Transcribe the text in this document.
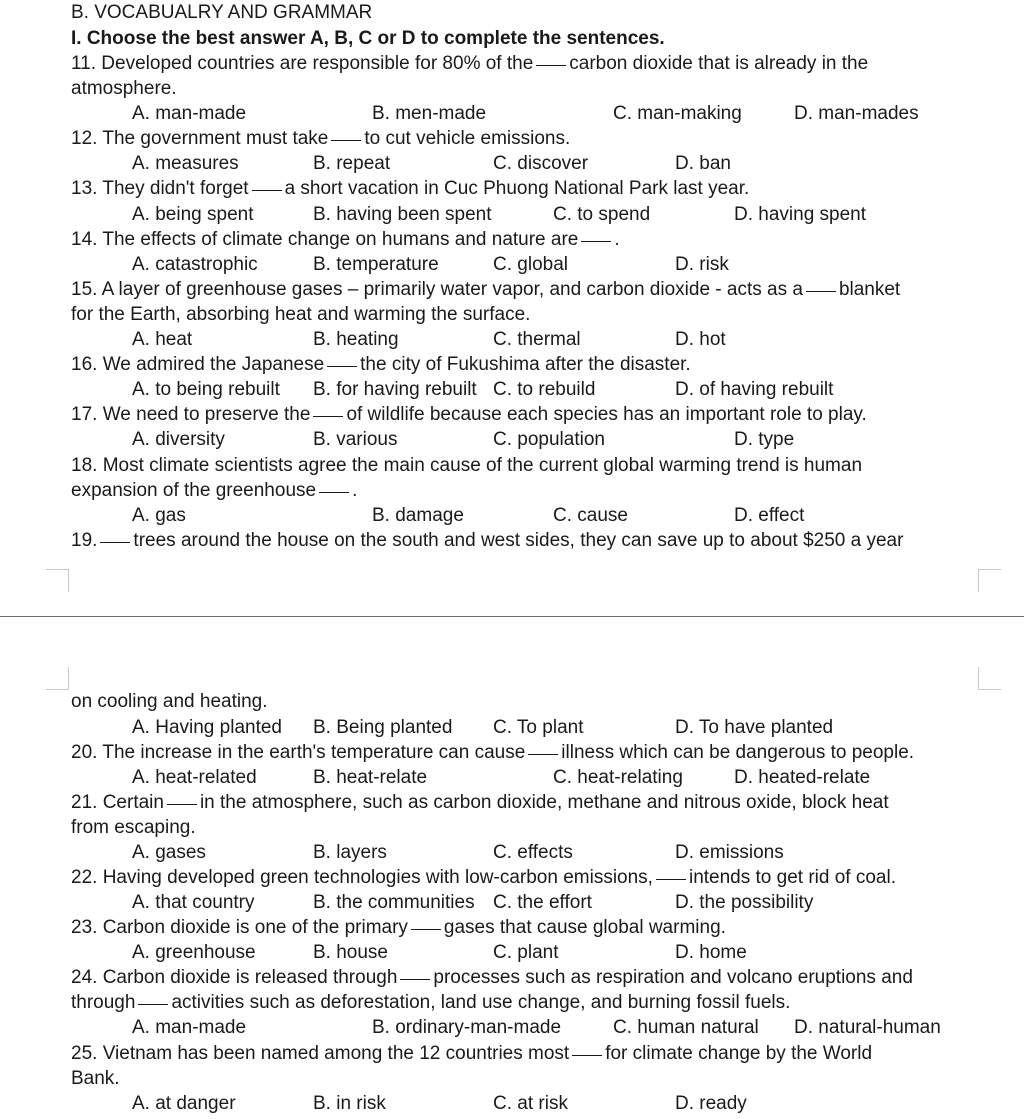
B. VOCABUALRY AND GRAMMAR
I. Choose the best answer A, B, C or D to complete the sentences.
11. Developed countries are responsible for 80% of the carbon dioxide that is already in the
atmosphere.
A. man-made	B. men-made	C. man-making	D. man-mades
12. The government must take to cut vehicle emissions.
A. measures	B. repeat	C. discover	D. ban
13. They didn't forget a short vacation in Cuc Phuong National Park last year.
A. being spent	B. having been spent	C. to spend	D. having spent
14. The effects of climate change on humans and nature are .
A. catastrophic	B. temperature	C. global	D. risk
15. A layer of greenhouse gases – primarily water vapor, and carbon dioxide - acts as a blanket
for the Earth, absorbing heat and warming the surface.
A. heat	B. heating	C. thermal	D. hot
16. We admired the Japanese the city of Fukushima after the disaster.
A. to being rebuilt B. for having rebuilt C. to rebuild	D. of having rebuilt
17. We need to preserve the of wildlife because each species has an important role to play.
A. diversity	B. various	C. population	D. type
18. Most climate scientists agree the main cause of the current global warming trend is human
expansion of the greenhouse .
A. gas	B. damage	C. cause	D. effect
19. trees around the house on the south and west sides, they can save up to about $250 a year
on cooling and heating.
A. Having planted B. Being planted C. To plant	D. To have planted
20. The increase in the earth's temperature can cause illness which can be dangerous to people.
A. heat-related	B. heat-relate	C. heat-relating	D. heated-relate
21. Certain in the atmosphere, such as carbon dioxide, methane and nitrous oxide, block heat
from escaping.
A. gases	B. layers	C. effects	D. emissions
22. Having developed green technologies with low-carbon emissions, intends to get rid of coal.
A. that country	B. the communities C. the effort	D. the possibility
23. Carbon dioxide is one of the primary gases that cause global warming.
A. greenhouse	B. house	C. plant	D. home
24. Carbon dioxide is released through processes such as respiration and volcano eruptions and
through activities such as deforestation, land use change, and burning fossil fuels.
A. man-made	B. ordinary-man-made	C. human natural D. natural-human
25. Vietnam has been named among the 12 countries most for climate change by the World
Bank.
A. at danger	B. in risk	C. at risk	D. ready
